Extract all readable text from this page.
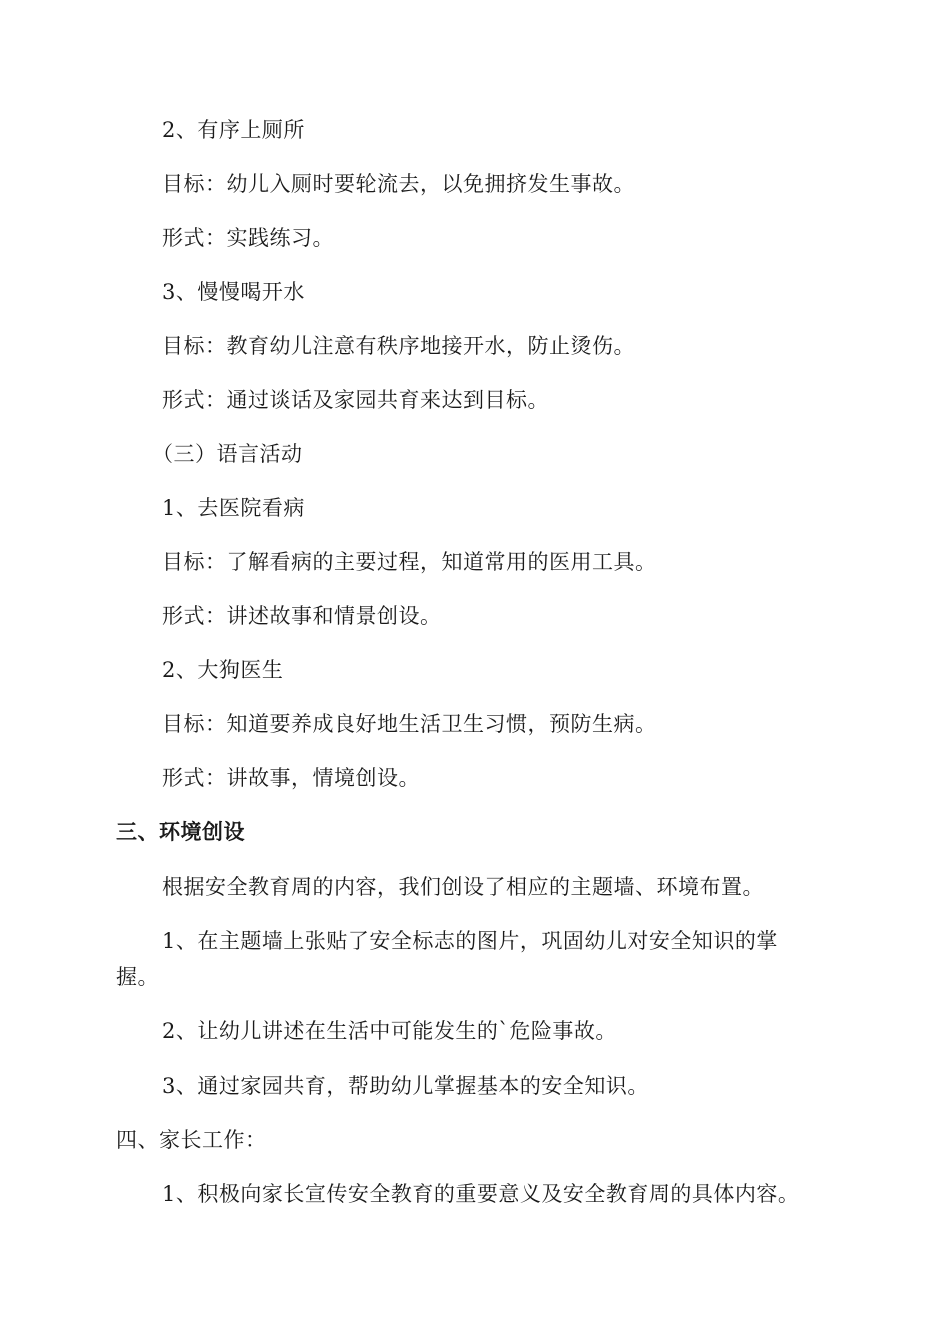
2、有序上厕所
目标：幼儿入厕时要轮流去，以免拥挤发生事故。
形式：实践练习。
3、慢慢喝开水
目标：教育幼儿注意有秩序地接开水，防止烫伤。
形式：通过谈话及家园共育来达到目标。
（三）语言活动
1、去医院看病
目标：了解看病的主要过程，知道常用的医用工具。
形式：讲述故事和情景创设。
2、大狗医生
目标：知道要养成良好地生活卫生习惯，预防生病。
形式：讲故事，情境创设。
三、环境创设
根据安全教育周的内容，我们创设了相应的主题墙、环境布置。
1、在主题墙上张贴了安全标志的图片，巩固幼儿对安全知识的掌
握。
2、让幼儿讲述在生活中可能发生的`危险事故。
3、通过家园共育，帮助幼儿掌握基本的安全知识。
四、家长工作：
1、积极向家长宣传安全教育的重要意义及安全教育周的具体内容。
